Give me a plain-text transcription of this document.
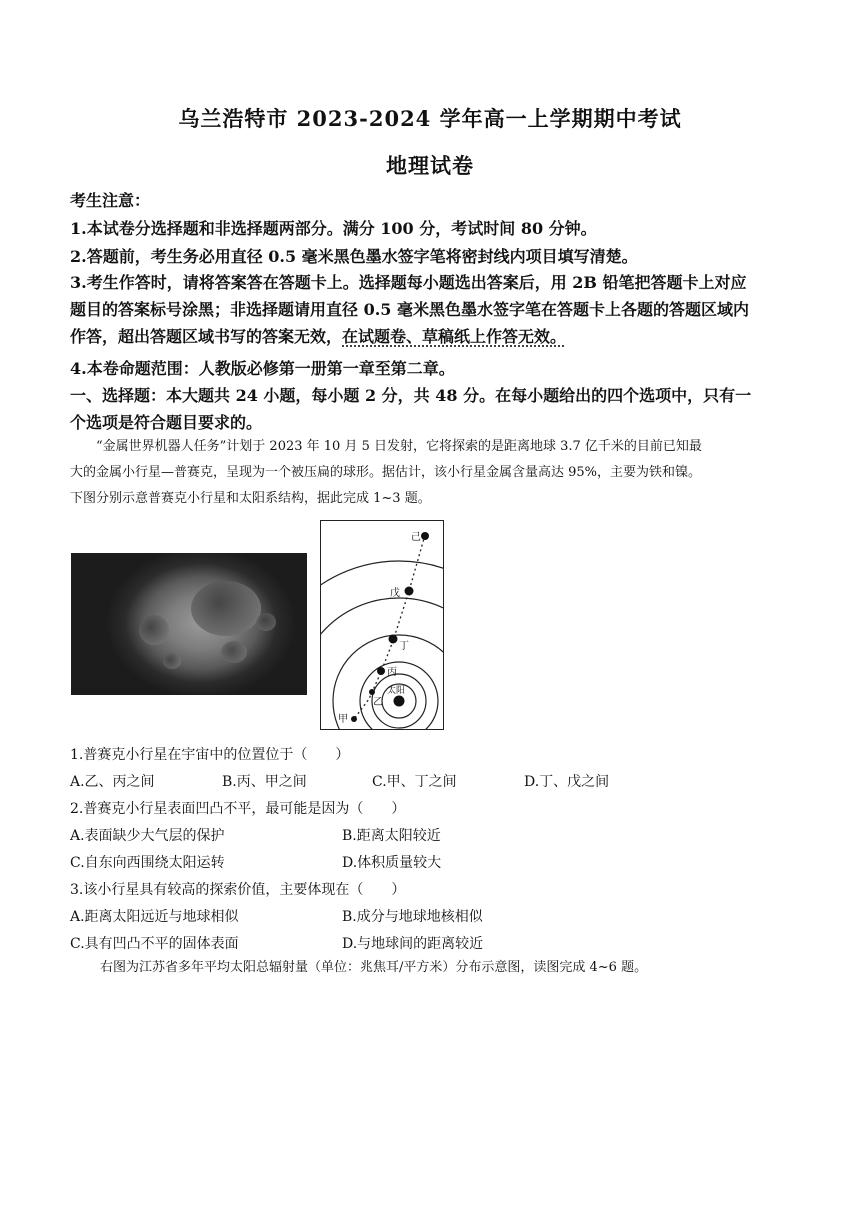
乌兰浩特市 2023-2024 学年高一上学期期中考试
地理试卷
考生注意：
1.本试卷分选择题和非选择题两部分。满分 100 分，考试时间 80 分钟。
2.答题前，考生务必用直径 0.5 毫米黑色墨水签字笔将密封线内项目填写清楚。
3.考生作答时，请将答案答在答题卡上。选择题每小题选出答案后，用 2B 铅笔把答题卡上对应
题目的答案标号涂黑；非选择题请用直径 0.5 毫米黑色墨水签字笔在答题卡上各题的答题区域内
作答，超出答题区域书写的答案无效，在试题卷、草稿纸上作答无效。
4.本卷命题范围：人教版必修第一册第一章至第二章。
一、选择题：本大题共 24 小题，每小题 2 分，共 48 分。在每小题给出的四个选项中，只有一
个选项是符合题目要求的。
“金属世界机器人任务”计划于 2023 年 10 月 5 日发射，它将探索的是距离地球 3.7 亿千米的目前已知最
大的金属小行星—普赛克，呈现为一个被压扁的球形。据估计，该小行星金属含量高达 95%，主要为铁和镍。
下图分别示意普赛克小行星和太阳系结构，据此完成 1~3 题。
己
戊
丁
丙
太阳
乙
甲
1.普赛克小行星在宇宙中的位置位于（　　）
A.乙、丙之间	B.丙、甲之间	C.甲、丁之间	D.丁、戊之间
2.普赛克小行星表面凹凸不平，最可能是因为（　　）
A.表面缺少大气层的保护	B.距离太阳较近
C.自东向西围绕太阳运转	D.体积质量较大
3.该小行星具有较高的探索价值，主要体现在（　　）
A.距离太阳远近与地球相似	B.成分与地球地核相似
C.具有凹凸不平的固体表面	D.与地球间的距离较近
右图为江苏省多年平均太阳总辐射量（单位：兆焦耳/平方米）分布示意图，读图完成 4~6 题。
